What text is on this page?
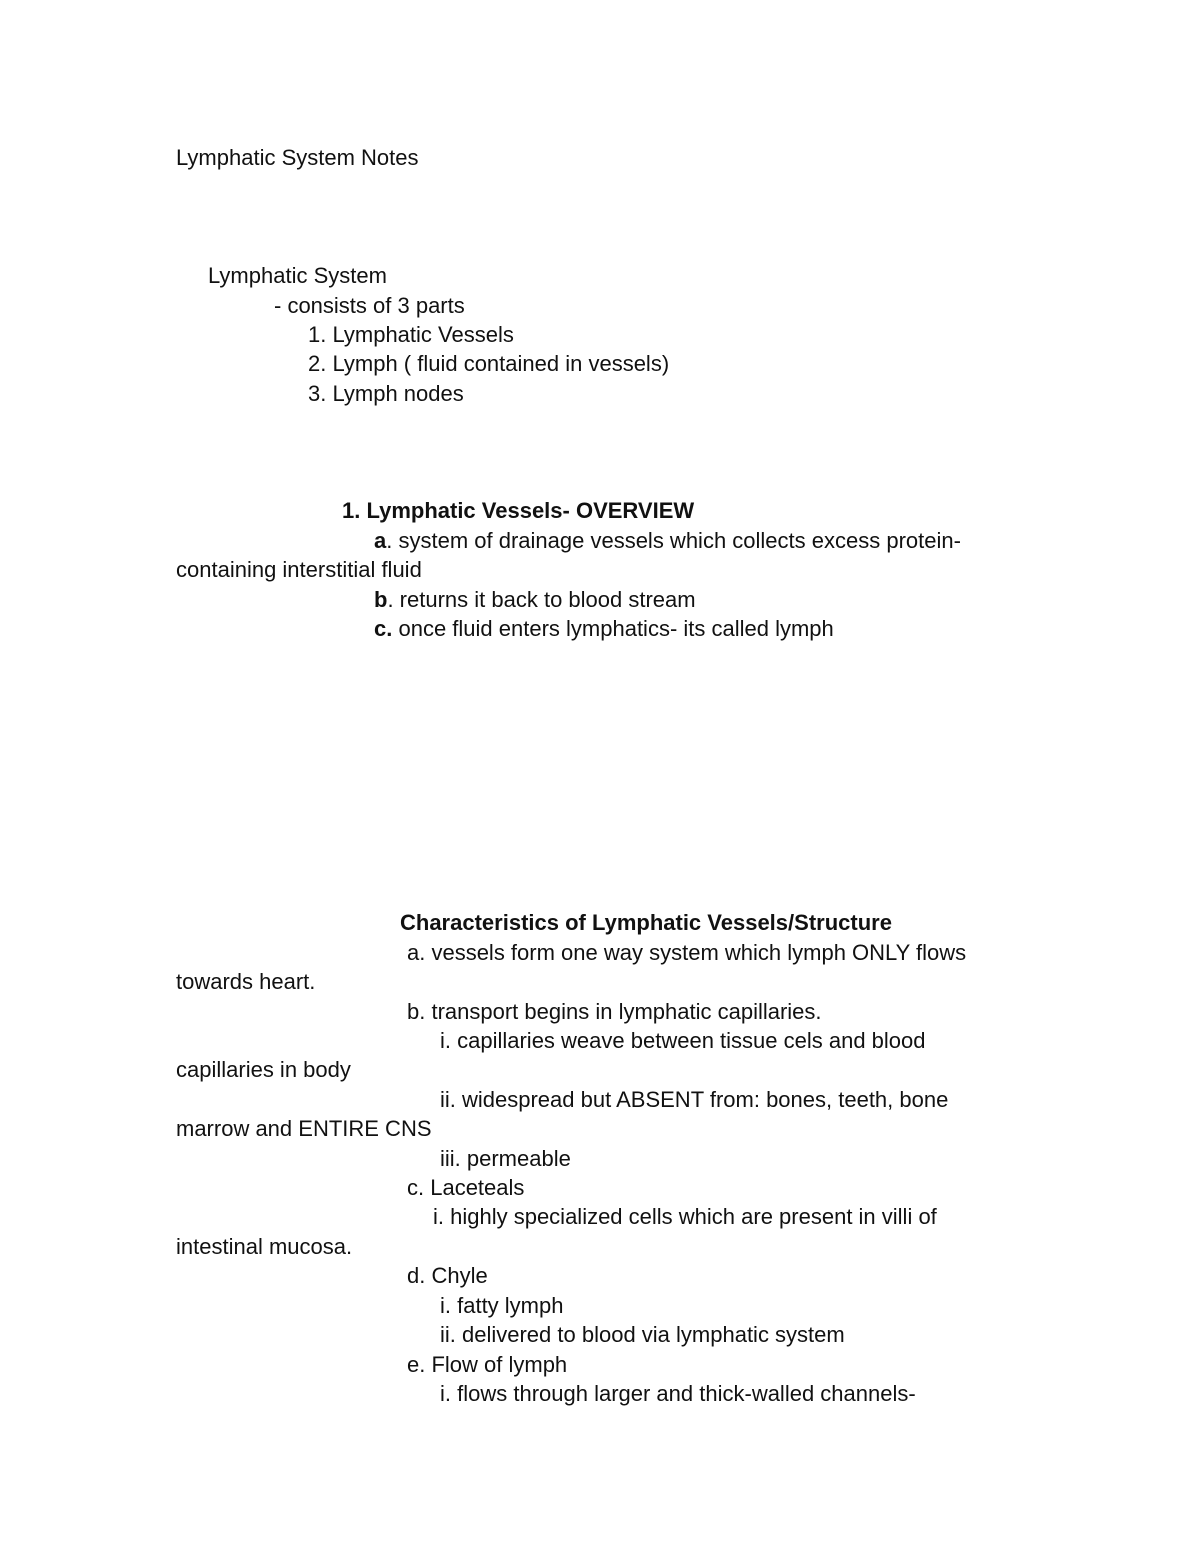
Lymphatic System Notes
Lymphatic System
- consists of 3 parts
1. Lymphatic Vessels
2. Lymph ( fluid contained in vessels)
3. Lymph nodes
1. Lymphatic Vessels- OVERVIEW
a. system of drainage vessels which collects excess protein-
containing interstitial fluid
b. returns it back to blood stream
c. once fluid enters lymphatics- its called lymph
Characteristics of Lymphatic Vessels/Structure
a. vessels form one way system which lymph ONLY flows
towards heart.
b. transport begins in lymphatic capillaries.
i. capillaries weave between tissue cels and blood
capillaries in body
ii. widespread but ABSENT from: bones, teeth, bone
marrow and ENTIRE CNS
iii. permeable
c. Laceteals
i. highly specialized cells which are present in villi of
intestinal mucosa.
d. Chyle
i. fatty lymph
ii. delivered to blood via lymphatic system
e. Flow of lymph
i. flows through larger and thick-walled channels-
